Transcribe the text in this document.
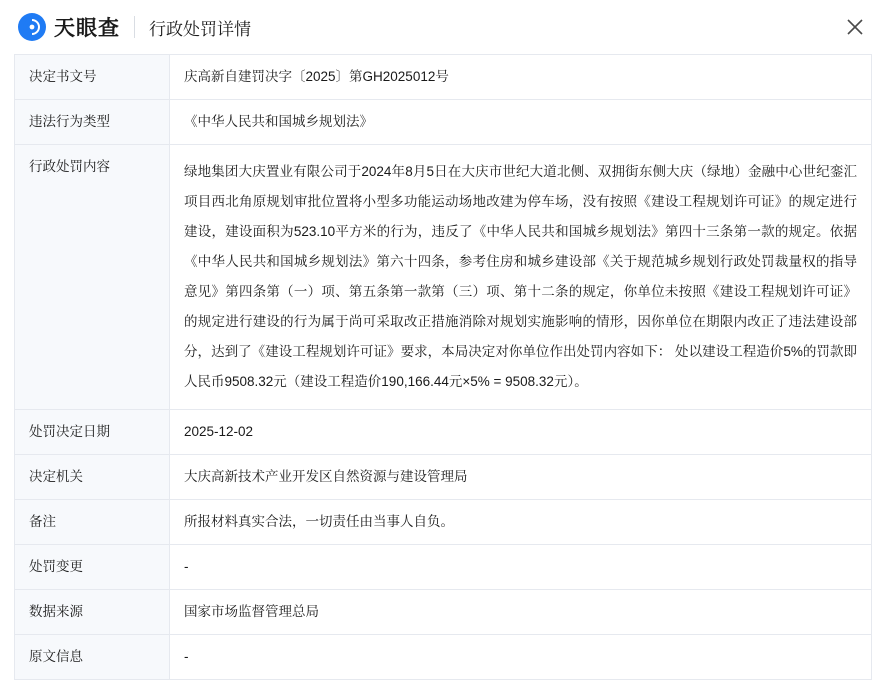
天眼查 行政处罚详情
决定书文号	庆高新自建罚决字〔2025〕第GH2025012号
违法行为类型	《中华人民共和国城乡规划法》
行政处罚内容	绿地集团大庆置业有限公司于2024年8月5日在大庆市世纪大道北侧、双拥街东侧大庆（绿地）金融中心世纪銮汇项目西北角原规划审批位置将小型多功能运动场地改建为停车场，没有按照《建设工程规划许可证》的规定进行建设，建设面积为523.10平方米的行为，违反了《中华人民共和国城乡规划法》第四十三条第一款的规定。依据《中华人民共和国城乡规划法》第六十四条，参考住房和城乡建设部《关于规范城乡规划行政处罚裁量权的指导意见》第四条第（一）项、第五条第一款第（三）项、第十二条的规定，你单位未按照《建设工程规划许可证》的规定进行建设的行为属于尚可采取改正措施消除对规划实施影响的情形，因你单位在期限内改正了违法建设部分，达到了《建设工程规划许可证》要求，本局决定对你单位作出处罚内容如下： 处以建设工程造价5%的罚款即人民币9508.32元（建设工程造价190,166.44元×5% = 9508.32元）。
处罚决定日期	2025-12-02
决定机关	大庆高新技术产业开发区自然资源与建设管理局
备注	所报材料真实合法，一切责任由当事人自负。
处罚变更	-
数据来源	国家市场监督管理总局
原文信息	-
